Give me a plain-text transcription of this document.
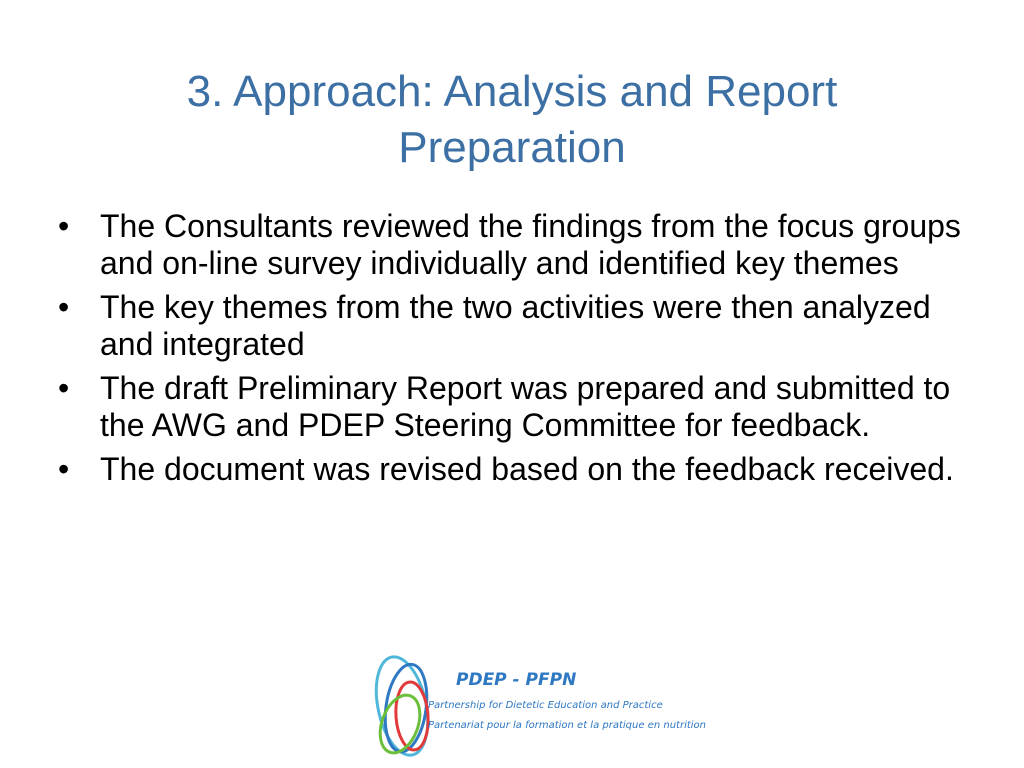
3. Approach: Analysis and Report
Preparation
• The Consultants reviewed the findings from the focus groups and on-line survey individually and identified key themes
• The key themes from the two activities were then analyzed and integrated
• The draft Preliminary Report was prepared and submitted to the AWG and PDEP Steering Committee for feedback.
• The document was revised based on the feedback received.
PDEP - PFPN
Partnership for Dietetic Education and Practice
Partenariat pour la formation et la pratique en nutrition
